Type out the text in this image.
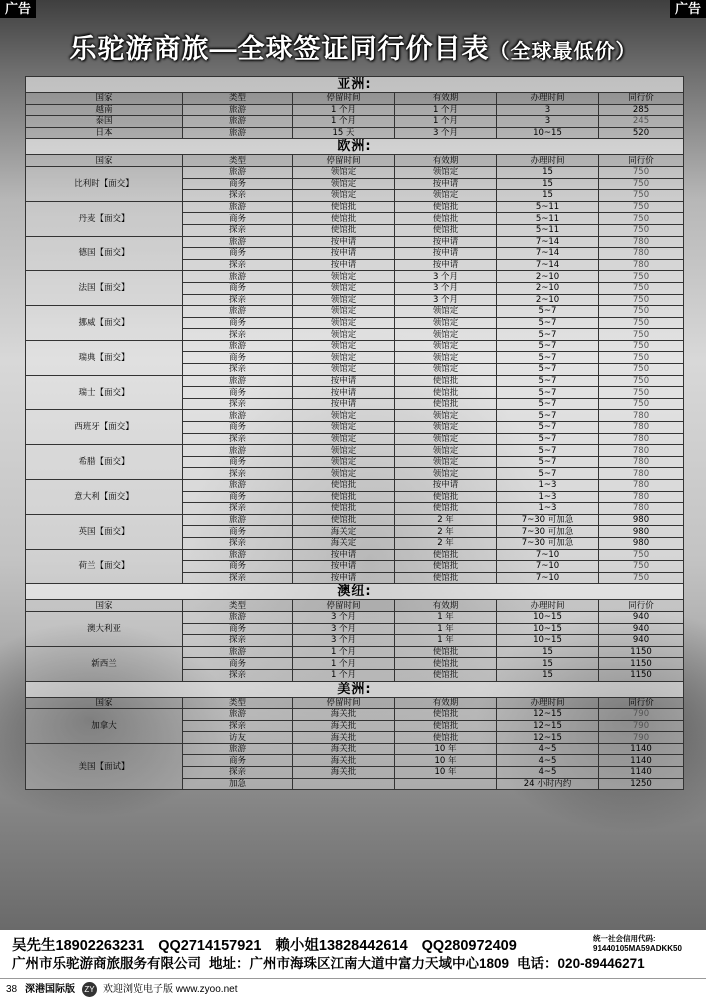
广告	广告
乐驼游商旅—全球签证同行价目表（全球最低价）
亚洲:					
国家	类型	停留时间	有效期	办理时间	同行价
越南	旅游	1 个月	1 个月	3	285
泰国	旅游	1 个月	1 个月	3	245
日本	旅游	15 天	3 个月	10~15	520
欧洲:					
国家	类型	停留时间	有效期	办理时间	同行价
比利时【面交】	旅游	领馆定	领馆定	15	750
	商务	领馆定	按申请	15	750
	探亲	领馆定	领馆定	15	750
丹麦【面交】	旅游	使馆批	使馆批	5~11	750
	商务	使馆批	使馆批	5~11	750
	探亲	使馆批	使馆批	5~11	750
德国【面交】	旅游	按申请	按申请	7~14	780
	商务	按申请	按申请	7~14	780
	探亲	按申请	按申请	7~14	780
法国【面交】	旅游	领馆定	3 个月	2~10	750
	商务	领馆定	3 个月	2~10	750
	探亲	领馆定	3 个月	2~10	750
挪威【面交】	旅游	领馆定	领馆定	5~7	750
	商务	领馆定	领馆定	5~7	750
	探亲	领馆定	领馆定	5~7	750
瑞典【面交】	旅游	领馆定	领馆定	5~7	750
	商务	领馆定	领馆定	5~7	750
	探亲	领馆定	领馆定	5~7	750
瑞士【面交】	旅游	按申请	使馆批	5~7	750
	商务	按申请	使馆批	5~7	750
	探亲	按申请	使馆批	5~7	750
西班牙【面交】	旅游	领馆定	领馆定	5~7	780
	商务	领馆定	领馆定	5~7	780
	探亲	领馆定	领馆定	5~7	780
希腊【面交】	旅游	领馆定	领馆定	5~7	780
	商务	领馆定	领馆定	5~7	780
	探亲	领馆定	领馆定	5~7	780
意大利【面交】	旅游	使馆批	按申请	1~3	780
	商务	使馆批	使馆批	1~3	780
	探亲	使馆批	使馆批	1~3	780
英国【面交】	旅游	使馆批	2 年	7~30 可加急	980
	商务	海关定	2 年	7~30 可加急	980
	探亲	海关定	2 年	7~30 可加急	980
荷兰【面交】	旅游	按申请	使馆批	7~10	750
	商务	按申请	使馆批	7~10	750
	探亲	按申请	使馆批	7~10	750
澳纽:					
国家	类型	停留时间	有效期	办理时间	同行价
澳大利亚	旅游	3 个月	1 年	10~15	940
	商务	3 个月	1 年	10~15	940
	探亲	3 个月	1 年	10~15	940
新西兰	旅游	1 个月	使馆批	15	1150
	商务	1 个月	使馆批	15	1150
	探亲	1 个月	使馆批	15	1150
美洲:					
国家	类型	停留时间	有效期	办理时间	同行价
加拿大	旅游	海关批	使馆批	12~15	790
	探亲	海关批	使馆批	12~15	790
	访友	海关批	使馆批	12~15	790
美国【面试】	旅游	海关批	10 年	4~5	1140
	商务	海关批	10 年	4~5	1140
	探亲	海关批	10 年	4~5	1140
	加急			24 小时内约	1250
吴先生18902263231 QQ2714157921 赖小姐13828442614 QQ280972409
广州市乐驼游商旅服务有限公司 地址：广州市海珠区江南大道中富力天域中心1809 电话：020-89446271
统一社会信用代码:
91440105MA59ADKK50
38 深港国际版 ZY 欢迎浏览电子版 www.zyoo.net
